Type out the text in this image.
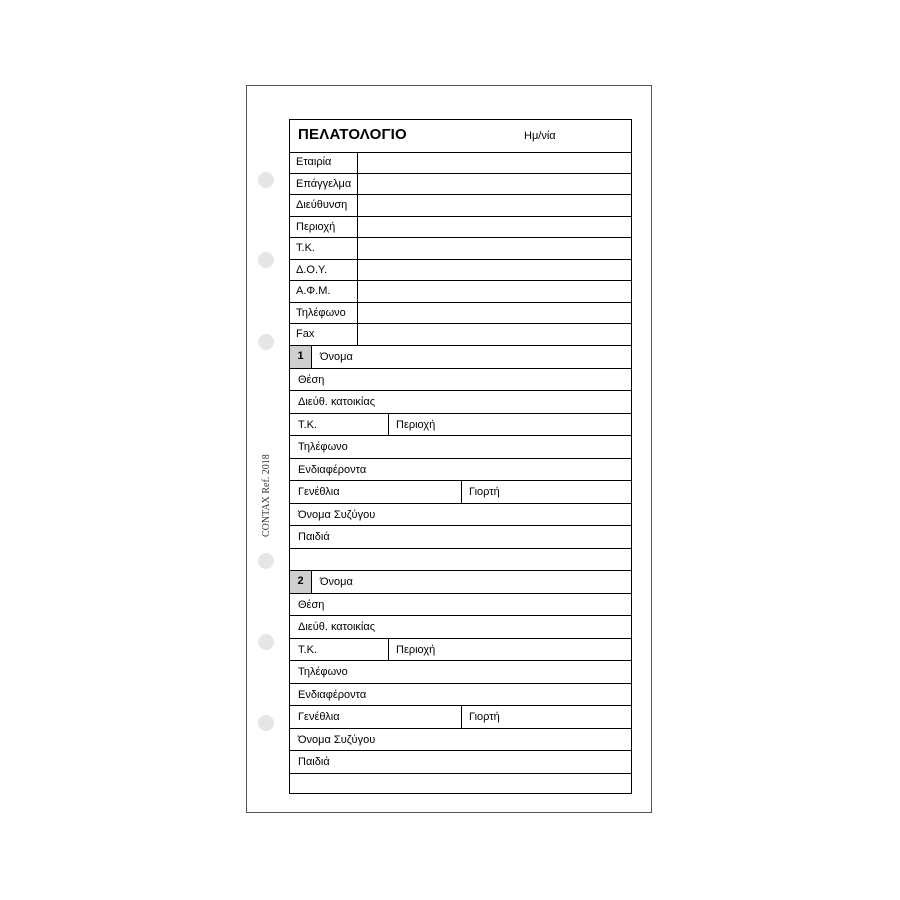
CONTAX Ref. 2018
ΠΕΛΑΤΟΛΟΓΙΟ	Ημ/νία
Εταιρία
Επάγγελμα
Διεύθυνση
Περιοχή
Τ.Κ.
Δ.Ο.Υ.
Α.Φ.Μ.
Τηλέφωνο
Fax
1	Όνομα
Θέση
Διεύθ. κατοικίας
Τ.Κ.	Περιοχή
Τηλέφωνο
Ενδιαφέροντα
Γενέθλια	Γιορτή
Όνομα Συζύγου
Παιδιά
2	Όνομα
Θέση
Διεύθ. κατοικίας
Τ.Κ.	Περιοχή
Τηλέφωνο
Ενδιαφέροντα
Γενέθλια	Γιορτή
Όνομα Συζύγου
Παιδιά
